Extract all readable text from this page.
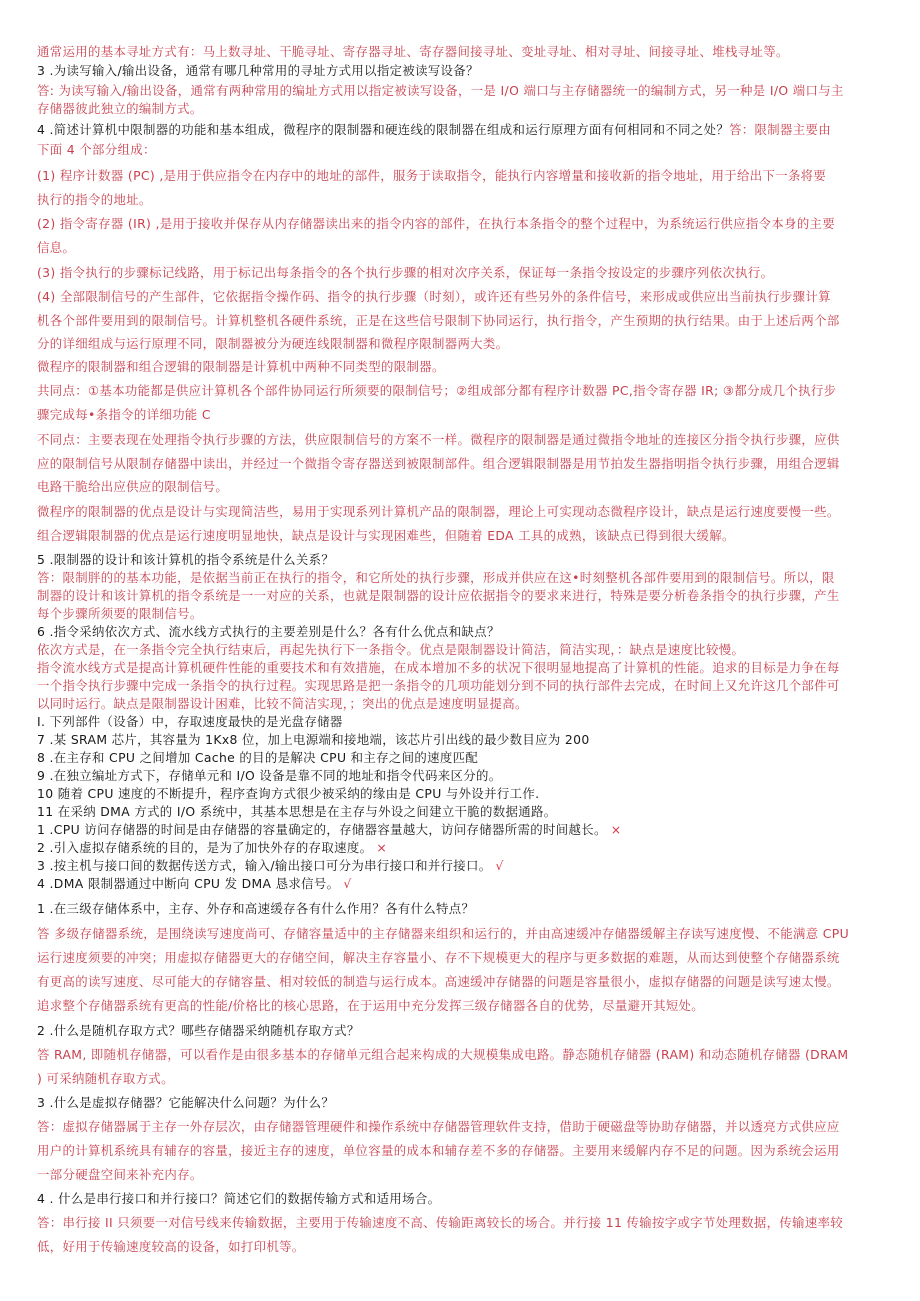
通常运用的基本寻址方式有：马上数寻址、干脆寻址、寄存器寻址、寄存器间接寻址、变址寻址、相对寻址、间接寻址、堆栈寻址等。
3 .为读写输入/输出设备，通常有哪几种常用的寻址方式用以指定被读写设备？
答: 为读写输入/输出设备，通常有两种常用的编址方式用以指定被读写设备，一是 I/O 端口与主存储器统一的编制方式，另一种是 I/O 端口与主
存储器彼此独立的编制方式。
4 .简述计算机中限制器的功能和基本组成，微程序的限制器和硬连线的限制器在组成和运行原理方面有何相同和不同之处？答：限制器主要由
下面 4 个部分组成：
(1) 程序计数器 (PC) ,是用于供应指令在内存中的地址的部件，服务于读取指令，能执行内容增量和接收新的指令地址，用于给出下一条将要
执行的指令的地址。
(2) 指令寄存器 (IR) ,是用于接收并保存从内存储器读出来的指令内容的部件，在执行本条指令的整个过程中，为系统运行供应指令本身的主要
信息。
(3) 指令执行的步骤标记线路，用于标记出每条指令的各个执行步骤的相对次序关系，保证每一条指令按设定的步骤序列依次执行。
(4) 全部限制信号的产生部件，它依据指令操作码、指令的执行步骤（时刻），或许还有些另外的条件信号，来形成或供应出当前执行步骤计算
机各个部件要用到的限制信号。计算机整机各硬件系统，正是在这些信号限制下协同运行，执行指令，产生预期的执行结果。由于上述后两个部
分的详细组成与运行原理不同，限制器被分为硬连线限制器和微程序限制器两大类。
微程序的限制器和组合逻辑的限制器是计算机中两种不同类型的限制器。
共同点：①基本功能都是供应计算机各个部件协同运行所须要的限制信号；②组成部分都有程序计数器 PC,指令寄存器 IR; ③都分成几个执行步
骤完成每•条指令的详细功能 C
不同点：主要表现在处理指令执行步骤的方法，供应限制信号的方案不一样。微程序的限制器是通过微指令地址的连接区分指令执行步骤，应供
应的限制信号从限制存储器中读出，并经过一个微指令寄存器送到被限制部件。组合逻辑限制器是用节拍发生器指明指令执行步骤，用组合逻辑
电路干脆给出应供应的限制信号。
微程序的限制器的优点是设计与实现简洁些，易用于实现系列计算机产品的限制器，理论上可实现动态微程序设计，缺点是运行速度要慢一些。
组合逻辑限制器的优点是运行速度明显地快，缺点是设计与实现困难些，但随着 EDA 工具的成熟，该缺点已得到很大缓解。
5 .限制器的设计和该计算机的指令系统是什么关系？
答：限制胖的的基本功能，是依据当前正在执行的指令，和它所处的执行步骤，形成并供应在这•时刻整机各部件要用到的限制信号。所以，限
制器的设计和该计算机的指令系统是一一对应的关系，也就是限制器的设计应依据指令的要求来进行，特殊是要分析卷条指令的执行步骤，产生
每个步骤所须要的限制信号。
6 .指令采纳依次方式、流水线方式执行的主要差别是什么？各有什么优点和缺点？
依次方式是，在一条指令完全执行结束后，再起先执行下一条指令。优点是限制器设计简洁，简洁实现，：缺点是速度比较慢。
指令流水线方式是提高计算机硬件性能的重要技术和有效措施，在成本增加不多的状况下很明显地提高了计算机的性能。追求的目标是力争在每
一个指令执行步骤中完成一条指令的执行过程。实现思路是把一条指令的几项功能划分到不同的执行部件去完成，在时间上又允许这几个部件可
以同时运行。缺点是限制器设计困难，比较不简洁实现，；突出的优点是速度明显提高。
I. 下列部件（设备）中，存取速度最快的是光盘存储器
7 .某 SRAM 芯片，其容量为 1Kx8 位，加上电源端和接地端，该芯片引出线的最少数目应为 200
8 .在主存和 CPU 之间增加 Cache 的目的是解决 CPU 和主存之间的速度匹配
9 .在独立编址方式下，存储单元和 I/O 设备是靠不同的地址和指令代码来区分的。
10 随着 CPU 速度的不断提升，程序查询方式很少被采纳的缘由是 CPU 与外设并行工作.
11 在采纳 DMA 方式的 I/O 系统中，其基本思想是在主存与外设之间建立干脆的数据通路。
1 .CPU 访问存储器的时间是由存储器的容量确定的，存储器容量越大，访问存储器所需的时间越长。 ×
2 .引入虚拟存储系统的目的，是为了加快外存的存取速度。 ×
3 .按主机与接口间的数据传送方式，输入/输出接口可分为串行接口和并行接口。 √
4 .DMA 限制器通过中断向 CPU 发 DMA 恳求信号。 √
1 .在三级存储体系中，主存、外存和高速缓存各有什么作用？各有什么特点？
答 多级存储器系统，是围绕读写速度尚可、存储容量适中的主存储器来组织和运行的，并由高速缓冲存储器缓解主存读写速度慢、不能满意 CPU
运行速度须要的冲突；用虚拟存储器更大的存储空间，解决主存容量小、存不下规模更大的程序与更多数据的难题，从而达到使整个存储器系统
有更高的读写速度、尽可能大的存储容量、相对较低的制造与运行成本。高速缓冲存储器的问题是容量很小，虚拟存储器的问题是读写速太慢。
追求整个存储器系统有更高的性能/价格比的核心思路，在于运用中充分发挥三级存储器各自的优势，尽量避开其短处。
2 .什么是随机存取方式？哪些存储器采纳随机存取方式？
答 RAM, 即随机存储器，可以看作是由很多基本的存储单元组合起来构成的大规模集成电路。静态随机存储器 (RAM) 和动态随机存储器 (DRAM
) 可采纳随机存取方式。
3 .什么是虚拟存储器？它能解决什么问题？为什么？
答：虚拟存储器属于主存一外存层次，由存储器管理硬件和操作系统中存储器管理软件支持，借助于硬磁盘等协助存储器，并以透亮方式供应应
用户的计算机系统具有辅存的容量，接近主存的速度，单位容量的成本和辅存差不多的存储器。主要用来缓解内存不足的问题。因为系统会运用
一部分硬盘空间来补充内存。
4 . 什么是串行接口和并行接口？简述它们的数据传输方式和适用场合。
答：串行接 II 只须要一对信号线来传输数据，主要用于传输速度不高、传输距离较长的场合。并行接 11 传输按字或字节处理数据，传输速率较
低，好用于传输速度较高的设备，如打印机等。
